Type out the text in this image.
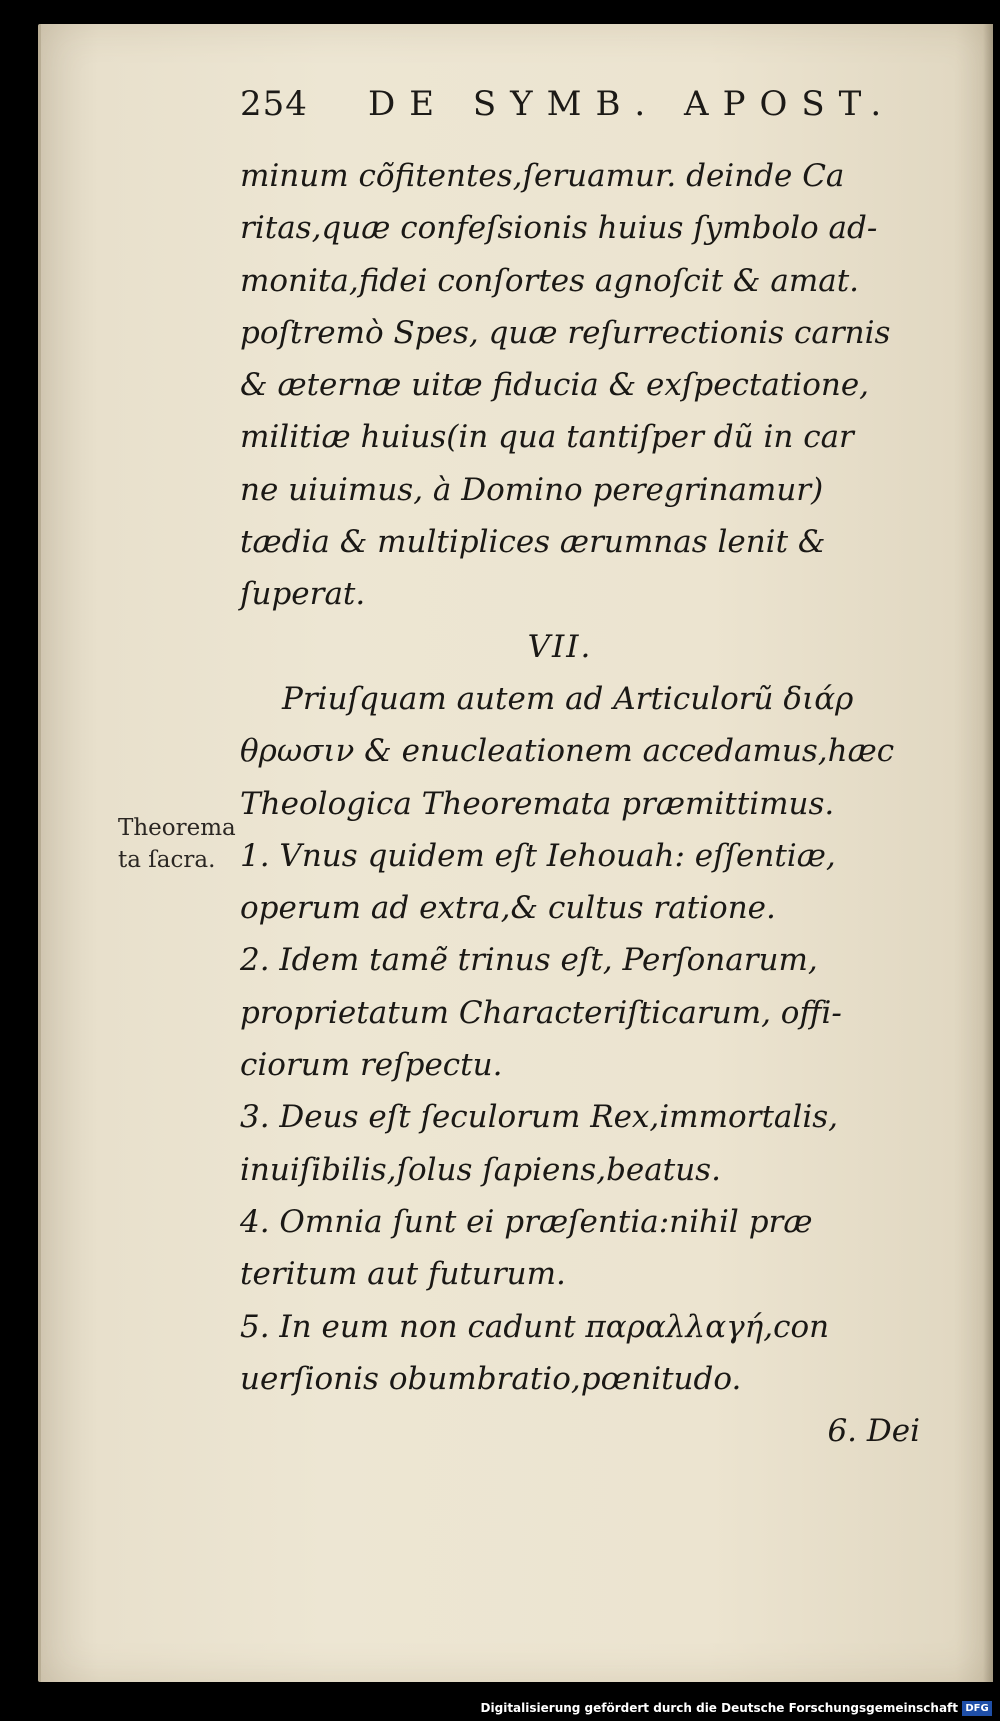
254 DE SYMB. APOST.
minum cõfitentes,ſeruamur. deinde Ca
ritas,quæ confeſsionis huius ſymbolo ad-
monita,fidei conſortes agnoſcit & amat.
poſtremò Spes, quæ reſurrectionis carnis
& æternæ uitæ fiducia & exſpectatione,
militiæ huius(in qua tantiſper dũ in car
ne uiuimus, à Domino peregrinamur)
tædia & multiplices ærumnas lenit &
ſuperat.
VII.
Priuſquam autem ad Articulorũ διάρ
θρωσιν & enucleationem accedamus,hæc
Theologica Theoremata præmittimus.
1. Vnus quidem eſt Iehouah: eſſentiæ,
operum ad extra,& cultus ratione.
2. Idem tamẽ trinus eſt, Perſonarum,
proprietatum Characteriſticarum, offi-
ciorum reſpectu.
3. Deus eſt ſeculorum Rex,immortalis,
inuiſibilis,ſolus ſapiens,beatus.
4. Omnia ſunt ei præſentia:nihil præ
teritum aut futurum.
5. In eum non cadunt παραλλαγή,con
uerſionis obumbratio,pœnitudo.
6. Dei
Theorema
ta ſacra.
Digitalisierung gefördert durch die Deutsche Forschungsgemeinschaft DFG
